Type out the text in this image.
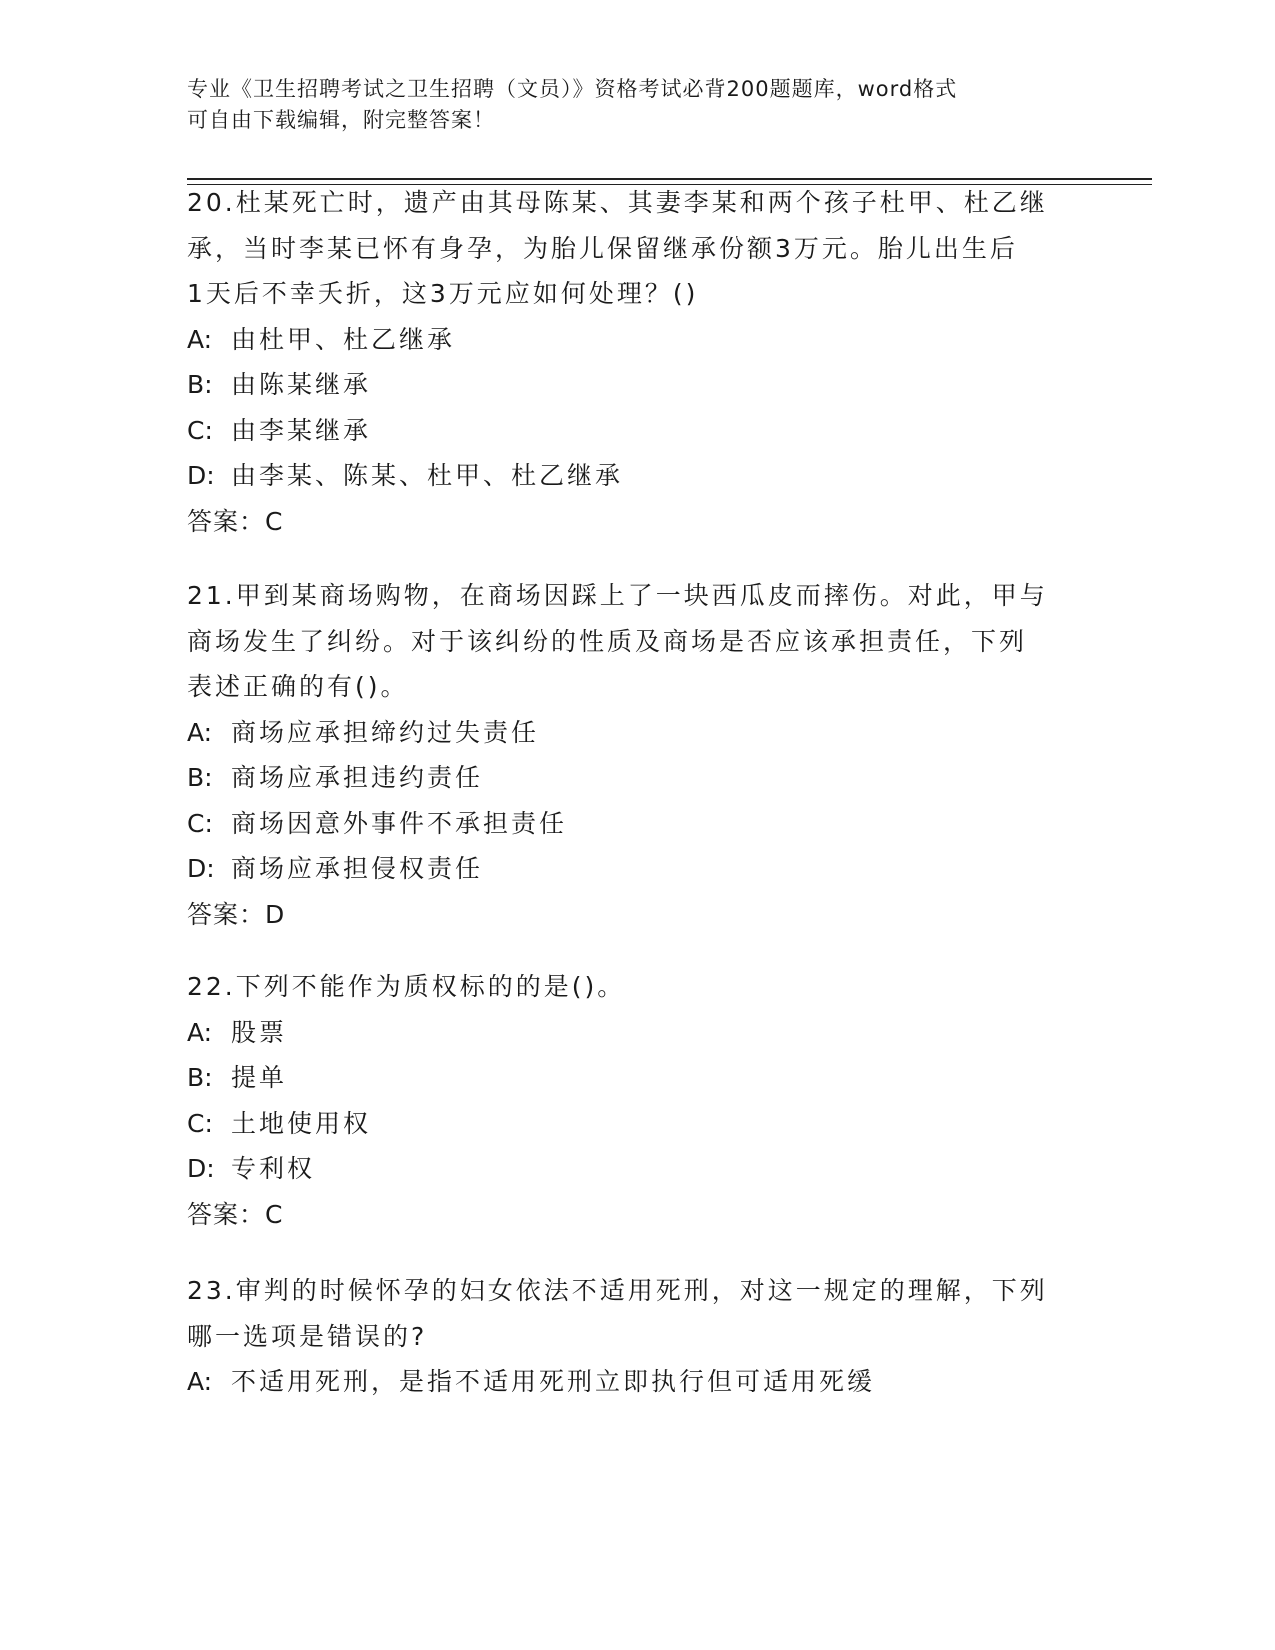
专业《卫生招聘考试之卫生招聘（文员）》资格考试必背200题题库，word格式
可自由下载编辑，附完整答案！
20.杜某死亡时，遗产由其母陈某、其妻李某和两个孩子杜甲、杜乙继
承，当时李某已怀有身孕，为胎儿保留继承份额3万元。胎儿出生后
1天后不幸夭折，这3万元应如何处理？()
A: 由杜甲、杜乙继承
B: 由陈某继承
C: 由李某继承
D: 由李某、陈某、杜甲、杜乙继承
答案：C
21.甲到某商场购物，在商场因踩上了一块西瓜皮而摔伤。对此，甲与
商场发生了纠纷。对于该纠纷的性质及商场是否应该承担责任，下列
表述正确的有()。
A: 商场应承担缔约过失责任
B: 商场应承担违约责任
C: 商场因意外事件不承担责任
D: 商场应承担侵权责任
答案：D
22.下列不能作为质权标的的是()。
A: 股票
B: 提单
C: 土地使用权
D: 专利权
答案：C
23.审判的时候怀孕的妇女依法不适用死刑，对这一规定的理解，下列
哪一选项是错误的?
A: 不适用死刑，是指不适用死刑立即执行但可适用死缓
